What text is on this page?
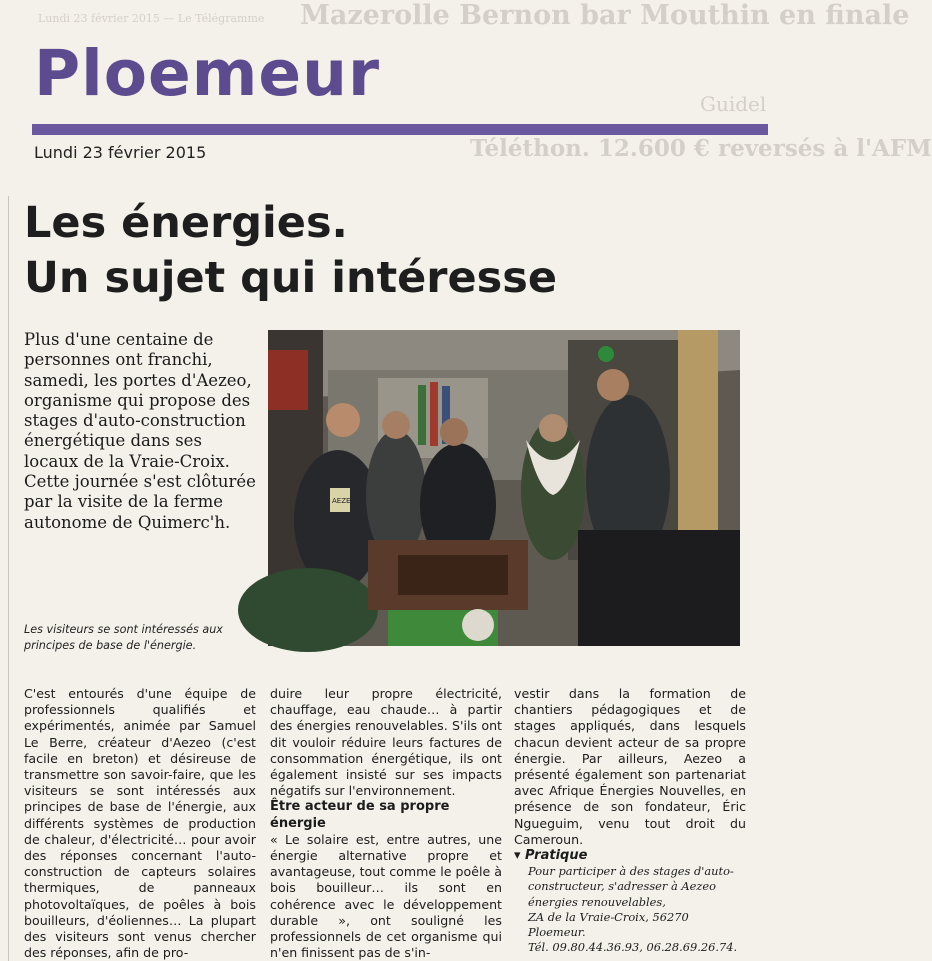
Lundi 23 février 2015 — Le Télégramme Mazerolle Bernon bar Mouthin en finale
Guidel
Téléthon. 12.600 € reversés à l'AFM
Ploemeur
Lundi 23 février 2015
Les énergies.
Un sujet qui intéresse
Plus d'une centaine de personnes ont franchi, samedi, les portes d'Aezeo, organisme qui propose des stages d'auto-construction énergétique dans ses locaux de la Vraie-Croix. Cette journée s'est clôturée par la visite de la ferme autonome de Quimerc'h.
Les visiteurs se sont intéressés aux principes de base de l'énergie.
AEZE

C'est entourés d'une équipe de professionnels qualifiés et expérimentés, animée par Samuel Le Berre, créateur d'Aezeo (c'est facile en breton) et désireuse de transmettre son savoir-faire, que les visiteurs se sont intéressés aux principes de base de l'énergie, aux différents systèmes de production de chaleur, d'électricité… pour avoir des réponses concernant l'auto-construction de capteurs solaires thermiques, de panneaux photovoltaïques, de poêles à bois bouilleurs, d'éoliennes… La plupart des visiteurs sont venus chercher des réponses, afin de pro-

duire leur propre électricité, chauffage, eau chaude… à partir des énergies renouvelables. S'ils ont dit vouloir réduire leurs factures de consommation énergétique, ils ont également insisté sur ses impacts négatifs sur l'environnement.

Être acteur de sa propre énergie

« Le solaire est, entre autres, une énergie alternative propre et avantageuse, tout comme le poêle à bois bouilleur… ils sont en cohérence avec le développement durable », ont souligné les professionnels de cet organisme qui n'en finissent pas de s'in-

vestir dans la formation de chantiers pédagogiques et de stages appliqués, dans lesquels chacun devient acteur de sa propre énergie. Par ailleurs, Aezeo a présenté également son partenariat avec Afrique Énergies Nouvelles, en présence de son fondateur, Éric Ngueguim, venu tout droit du Cameroun.

▾ Pratique

Pour participer à des stages d'auto-constructeur, s'adresser à Aezeo énergies renouvelables,

ZA de la Vraie-Croix, 56270 Ploemeur.

Tél. 09.80.44.36.93, 06.28.69.26.74.
